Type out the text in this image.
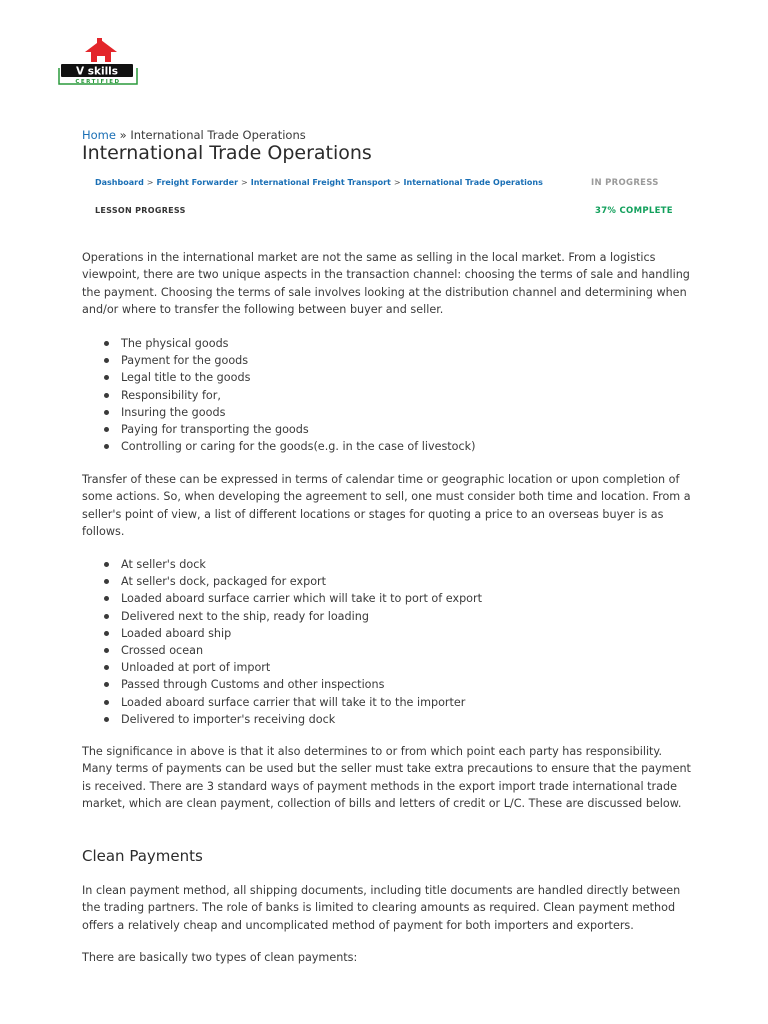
V skills
CERTIFIED
Home » International Trade Operations
International Trade Operations
Dashboard > Freight Forwarder > International Freight Transport > International Trade Operations	IN PROGRESS
LESSON PROGRESS	37% COMPLETE

Operations in the international market are not the same as selling in the local market. From a logistics viewpoint, there are two unique aspects in the transaction channel: choosing the terms of sale and handling the payment. Choosing the terms of sale involves looking at the distribution channel and determining when and/or where to transfer the following between buyer and seller.

The physical goods
Payment for the goods
Legal title to the goods
Responsibility for,
Insuring the goods
Paying for transporting the goods
Controlling or caring for the goods(e.g. in the case of livestock)

Transfer of these can be expressed in terms of calendar time or geographic location or upon completion of some actions. So, when developing the agreement to sell, one must consider both time and location. From a seller's point of view, a list of different locations or stages for quoting a price to an overseas buyer is as follows.

At seller's dock
At seller's dock, packaged for export
Loaded aboard surface carrier which will take it to port of export
Delivered next to the ship, ready for loading
Loaded aboard ship
Crossed ocean
Unloaded at port of import
Passed through Customs and other inspections
Loaded aboard surface carrier that will take it to the importer
Delivered to importer's receiving dock

The significance in above is that it also determines to or from which point each party has responsibility. Many terms of payments can be used but the seller must take extra precautions to ensure that the payment is received. There are 3 standard ways of payment methods in the export import trade international trade market, which are clean payment, collection of bills and letters of credit or L/C. These are discussed below.

Clean Payments

In clean payment method, all shipping documents, including title documents are handled directly between the trading partners. The role of banks is limited to clearing amounts as required. Clean payment method offers a relatively cheap and uncomplicated method of payment for both importers and exporters.

There are basically two types of clean payments:
